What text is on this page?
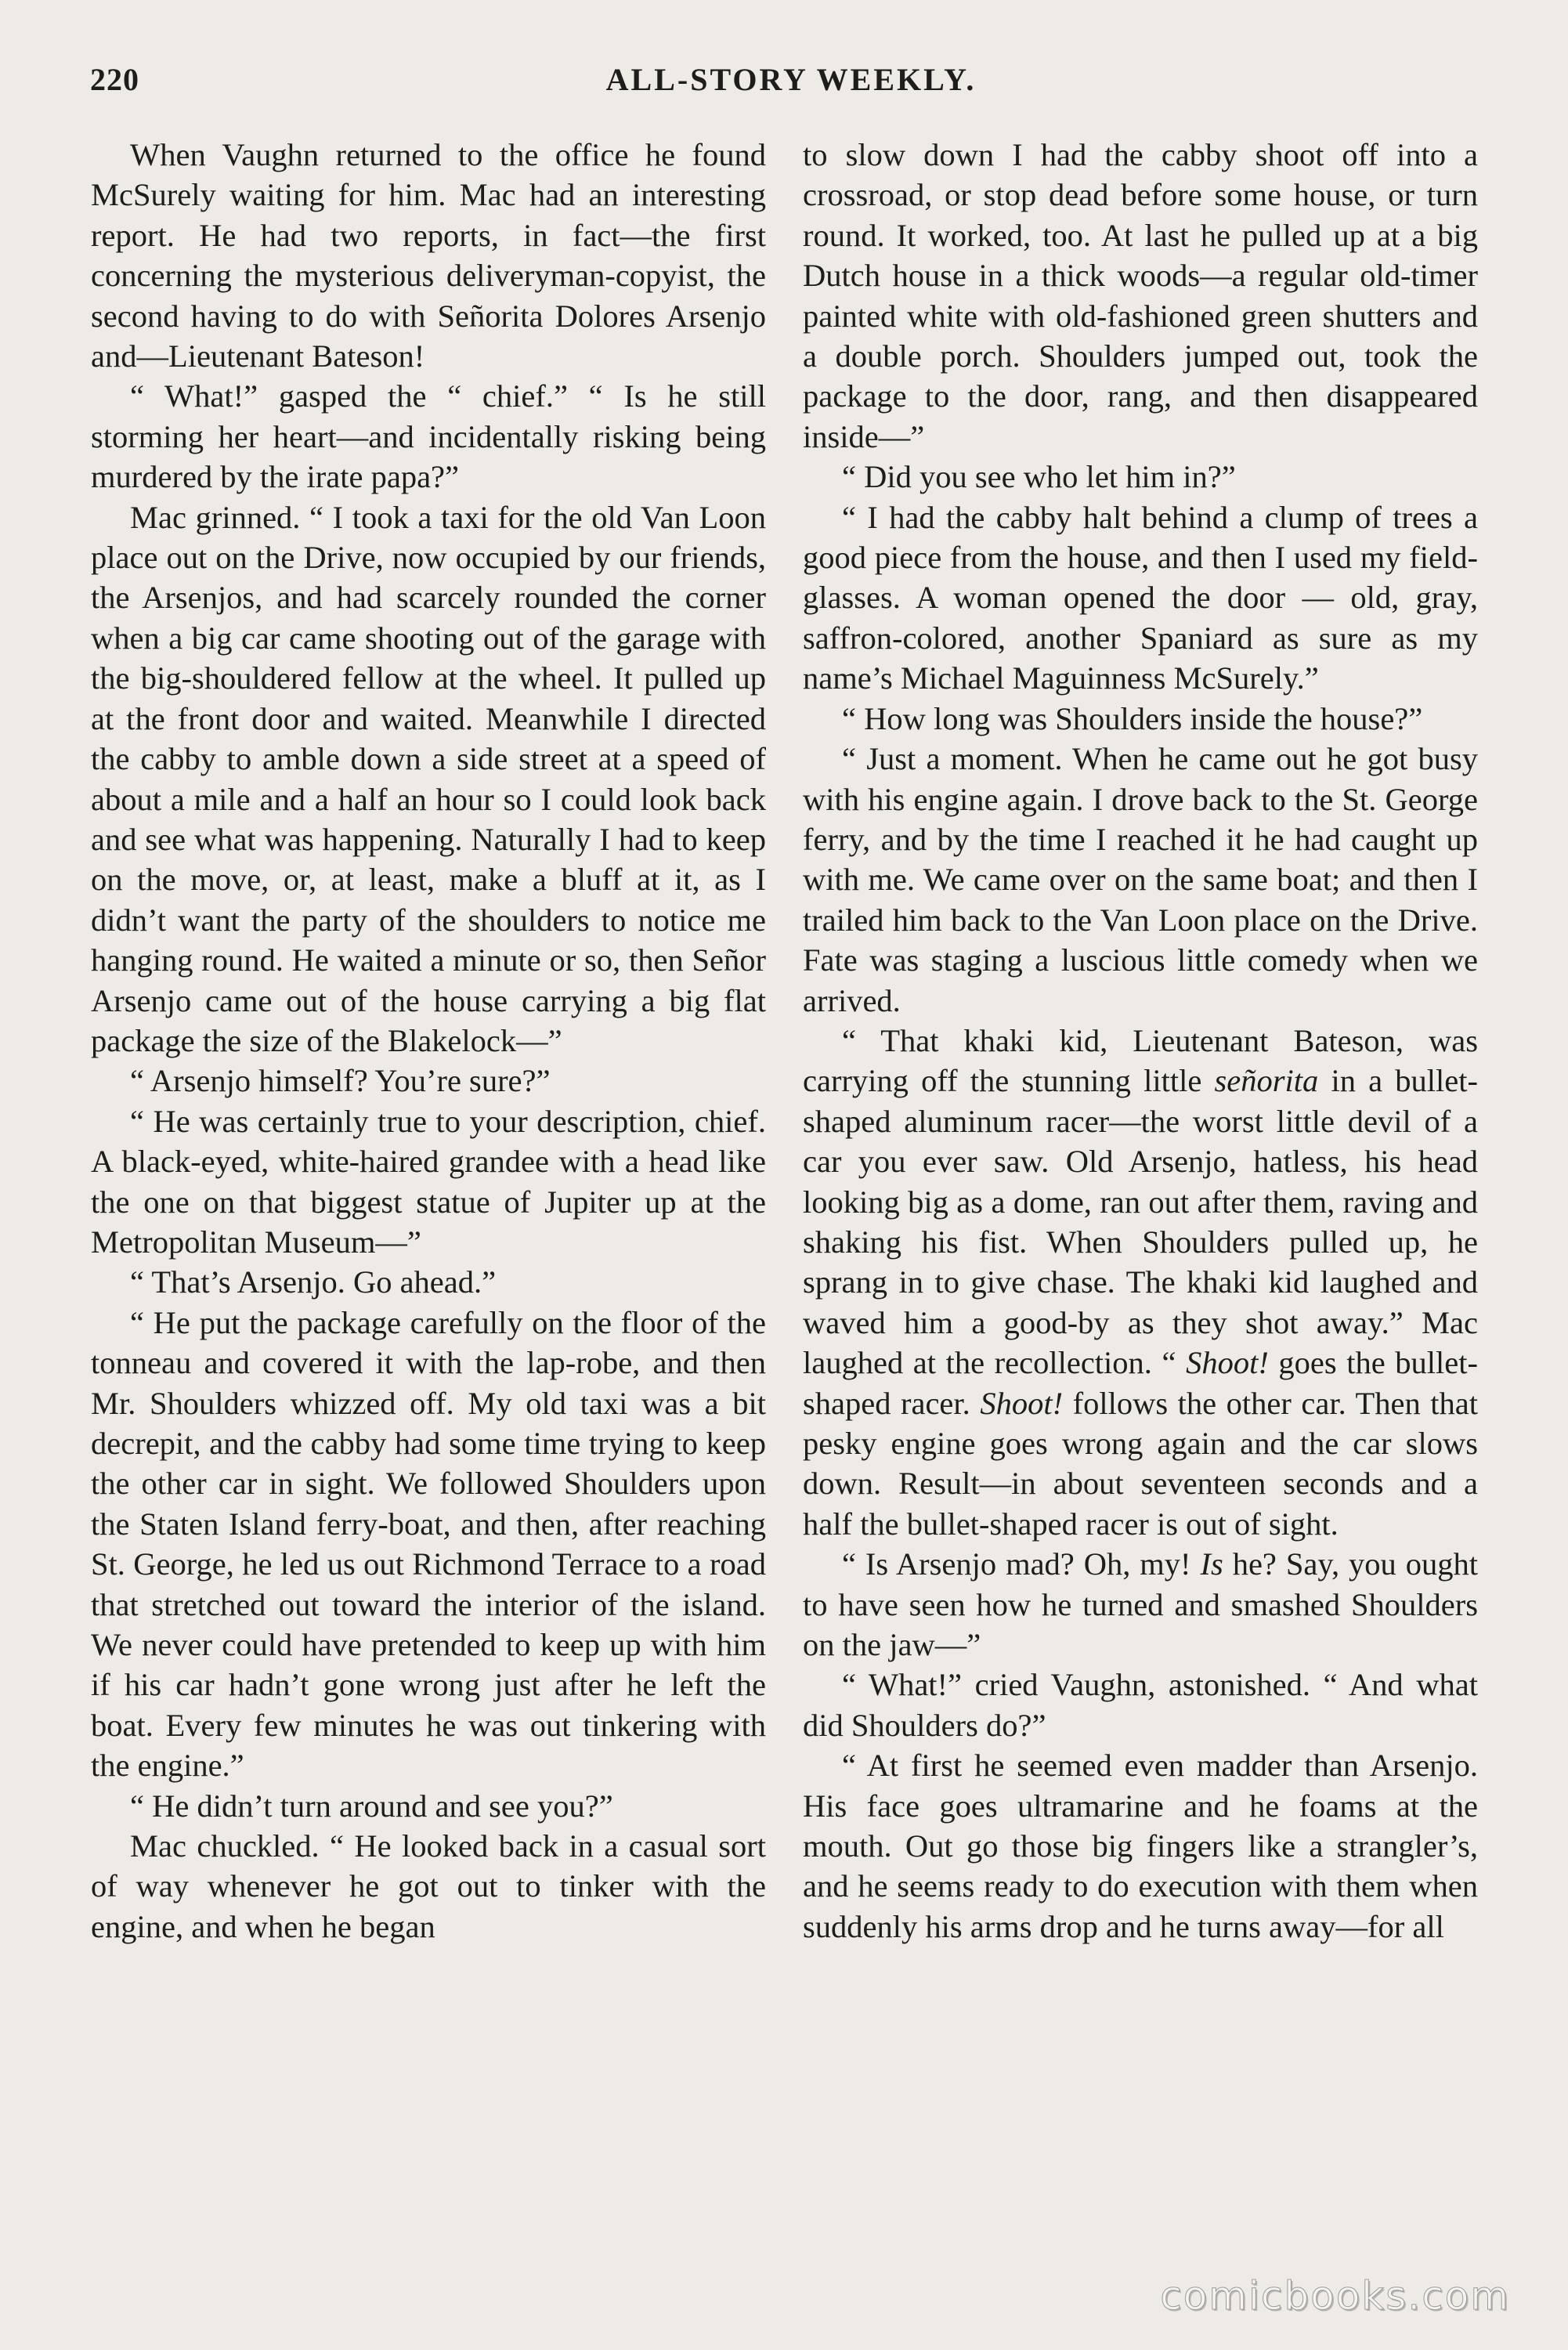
220	ALL-STORY WEEKLY.

When Vaughn returned to the office he found McSurely waiting for him. Mac had an interesting report. He had two reports, in fact—the first concerning the mysterious deliveryman-copyist, the second having to do with Señorita Dolores Arsenjo and—Lieutenant Bateson!

“ What!” gasped the “ chief.” “ Is he still storming her heart—and incidentally risking being murdered by the irate papa?”

Mac grinned. “ I took a taxi for the old Van Loon place out on the Drive, now occupied by our friends, the Arsenjos, and had scarcely rounded the corner when a big car came shooting out of the garage with the big-shouldered fellow at the wheel. It pulled up at the front door and waited. Meanwhile I directed the cabby to amble down a side street at a speed of about a mile and a half an hour so I could look back and see what was happening. Naturally I had to keep on the move, or, at least, make a bluff at it, as I didn’t want the party of the shoulders to notice me hanging round. He waited a minute or so, then Señor Arsenjo came out of the house carrying a big flat package the size of the Blakelock—”

“ Arsenjo himself? You’re sure?”

“ He was certainly true to your description, chief. A black-eyed, white-haired grandee with a head like the one on that biggest statue of Jupiter up at the Metropolitan Museum—”

“ That’s Arsenjo. Go ahead.”

“ He put the package carefully on the floor of the tonneau and covered it with the lap-robe, and then Mr. Shoulders whizzed off. My old taxi was a bit decrepit, and the cabby had some time trying to keep the other car in sight. We followed Shoulders upon the Staten Island ferry-boat, and then, after reaching St. George, he led us out Richmond Terrace to a road that stretched out toward the interior of the island. We never could have pretended to keep up with him if his car hadn’t gone wrong just after he left the boat. Every few minutes he was out tinkering with the engine.”

“ He didn’t turn around and see you?”

Mac chuckled. “ He looked back in a casual sort of way whenever he got out to tinker with the engine, and when he began

to slow down I had the cabby shoot off into a crossroad, or stop dead before some house, or turn round. It worked, too. At last he pulled up at a big Dutch house in a thick woods—a regular old-timer painted white with old-fashioned green shutters and a double porch. Shoulders jumped out, took the package to the door, rang, and then disappeared inside—”

“ Did you see who let him in?”

“ I had the cabby halt behind a clump of trees a good piece from the house, and then I used my field-glasses. A woman opened the door — old, gray, saffron-colored, another Spaniard as sure as my name’s Michael Maguinness McSurely.”

“ How long was Shoulders inside the house?”

“ Just a moment. When he came out he got busy with his engine again. I drove back to the St. George ferry, and by the time I reached it he had caught up with me. We came over on the same boat; and then I trailed him back to the Van Loon place on the Drive. Fate was staging a luscious little comedy when we arrived.

“ That khaki kid, Lieutenant Bateson, was carrying off the stunning little señorita in a bullet-shaped aluminum racer—the worst little devil of a car you ever saw. Old Arsenjo, hatless, his head looking big as a dome, ran out after them, raving and shaking his fist. When Shoulders pulled up, he sprang in to give chase. The khaki kid laughed and waved him a good-by as they shot away.” Mac laughed at the recollection. “ Shoot! goes the bullet-shaped racer. Shoot! follows the other car. Then that pesky engine goes wrong again and the car slows down. Result—in about seventeen seconds and a half the bullet-shaped racer is out of sight.

“ Is Arsenjo mad? Oh, my! Is he? Say, you ought to have seen how he turned and smashed Shoulders on the jaw—”

“ What!” cried Vaughn, astonished. “ And what did Shoulders do?”

“ At first he seemed even madder than Arsenjo. His face goes ultramarine and he foams at the mouth. Out go those big fingers like a strangler’s, and he seems ready to do execution with them when suddenly his arms drop and he turns away—for all

comicbooks.com
